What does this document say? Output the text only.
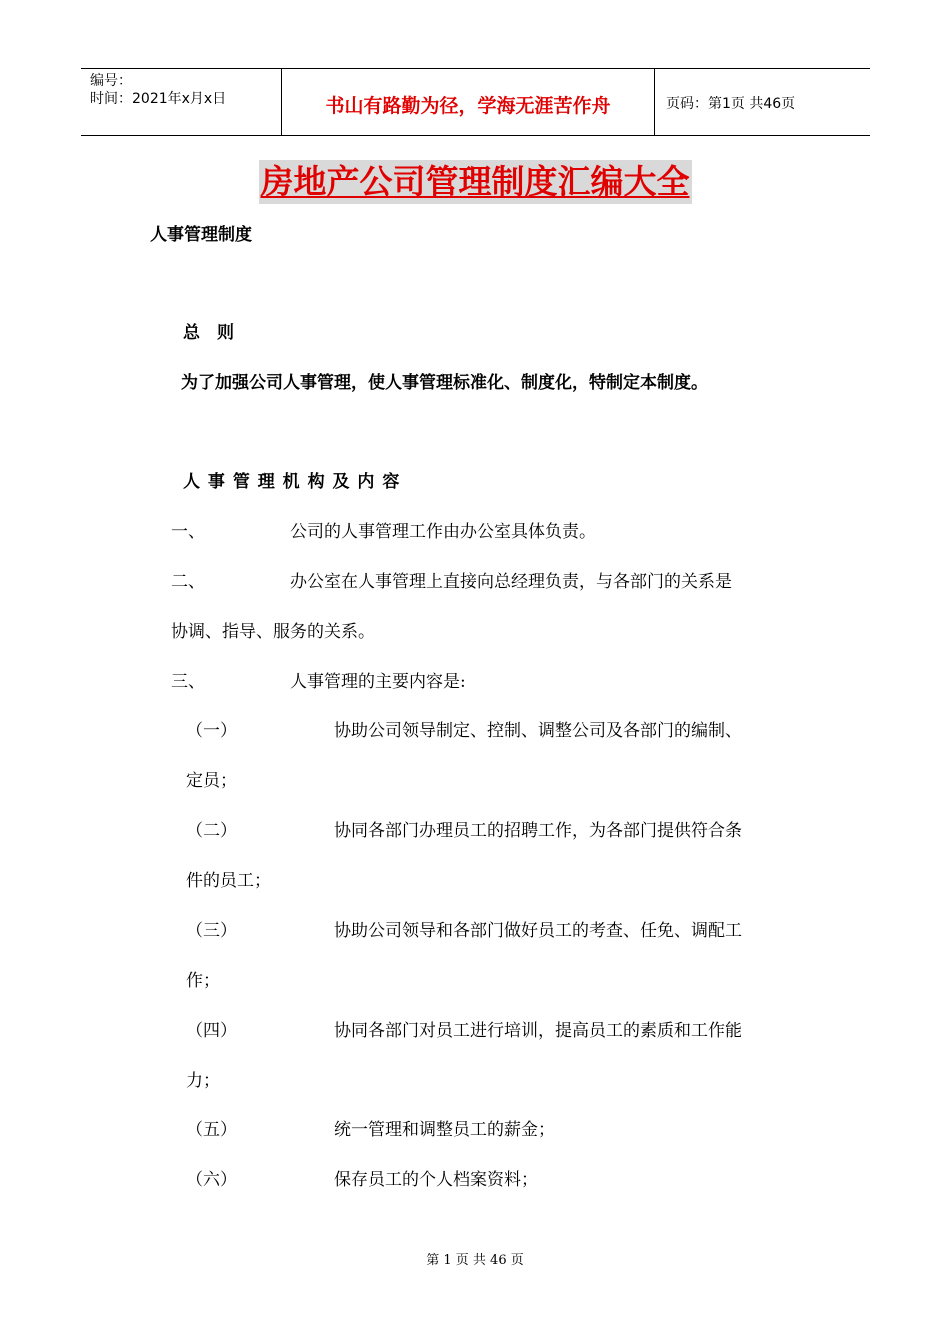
编号：
时间：2021年x月x日	书山有路勤为径，学海无涯苦作舟	页码：第1页 共46页
房地产公司管理制度汇编大全
人事管理制度
总　则
为了加强公司人事管理，使人事管理标准化、制度化，特制定本制度。
人 事 管 理 机 构 及 内 容
一、	公司的人事管理工作由办公室具体负责。
二、	办公室在人事管理上直接向总经理负责，与各部门的关系是
协调、指导、服务的关系。
三、	人事管理的主要内容是:
（一）	协助公司领导制定、控制、调整公司及各部门的编制、
定员；
（二）	协同各部门办理员工的招聘工作，为各部门提供符合条
件的员工；
（三）	协助公司领导和各部门做好员工的考查、任免、调配工
作；
（四）	协同各部门对员工进行培训，提高员工的素质和工作能
力；
（五）	统一管理和调整员工的薪金；
（六）	保存员工的个人档案资料；
第 1 页 共 46 页
